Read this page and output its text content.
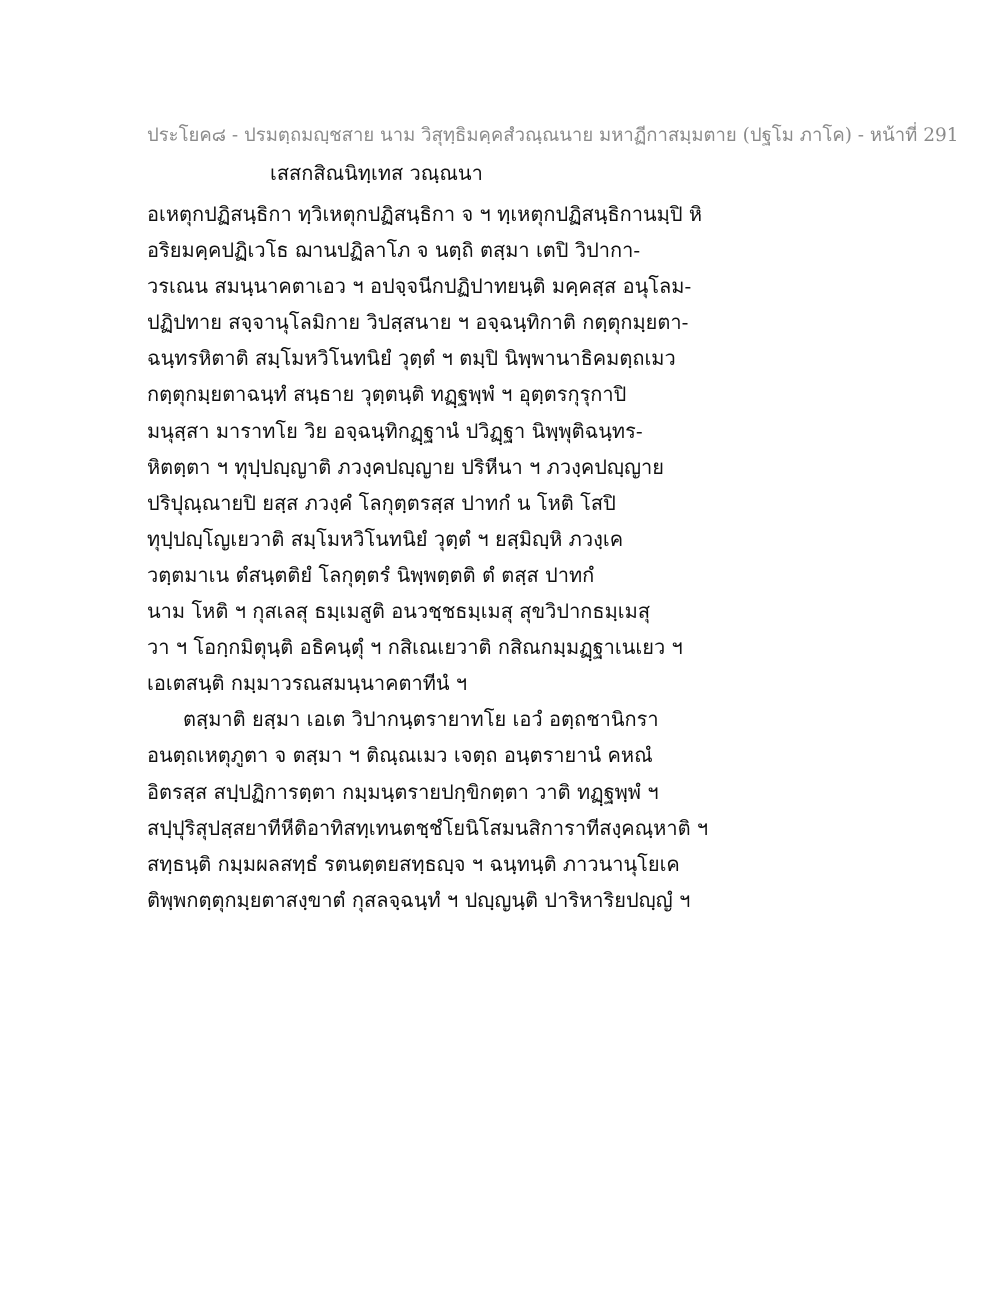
ประโยค๘ - ปรมตฺถมญฺชสาย นาม วิสุทฺธิมคฺคสํวณฺณนาย มหาฏีกาสมฺมตาย (ปฐโม ภาโค) - หน้าที่ 291
เสสกสิณนิทฺเทส วณฺณนา
อเหตุกปฏิสนฺธิกา ทฺวิเหตุกปฏิสนฺธิกา จ ฯ ทฺเหตุกปฏิสนฺธิกานมฺปิ หิ
อริยมคฺคปฏิเวโธ ฌานปฏิลาโภ จ นตฺถิ ตสฺมา เตปิ วิปากา-
วรเณน สมนฺนาคตาเอว ฯ อปจฺจนีกปฏิปาทยนฺติ มคฺคสฺส อนุโลม-
ปฏิปทาย สจฺจานุโลมิกาย วิปสฺสนาย ฯ อจฺฉนฺทิกาติ กตฺตุกมฺยตา-
ฉนฺทรหิตาติ สมฺโมหวิโนทนิยํ วุตฺตํ ฯ ตมฺปิ นิพฺพานาธิคมตฺถเมว
กตฺตุกมฺยตาฉนฺทํ สนฺธาย วุตฺตนฺติ ทฏฺฐพฺพํ ฯ อุตฺตรกุรุกาปิ
มนุสฺสา มาราทโย วิย อจฺฉนฺทิกฏฺฐานํ ปวิฏฺฐา นิพฺพุติฉนฺทร-
หิตตฺตา ฯ ทุปฺปญฺญาติ ภวงฺคปญฺญาย ปริหีนา ฯ ภวงฺคปญฺญาย
ปริปุณฺณายปิ ยสฺส ภวงฺคํ โลกุตฺตรสฺส ปาทกํ น โหติ โสปิ
ทุปฺปญฺโญเยวาติ สมฺโมหวิโนทนิยํ วุตฺตํ ฯ ยสฺมิญฺหิ ภวงฺเค
วตฺตมาเน ตํสนฺตติยํ โลกุตฺตรํ นิพฺพตฺตติ ตํ ตสฺส ปาทกํ
นาม โหติ ฯ กุสเลสุ ธมฺเมสูติ อนวชฺชธมฺเมสุ สุขวิปากธมฺเมสุ
วา ฯ โอกฺกมิตุนฺติ อธิคนฺตุํ ฯ กสิเณเยวาติ กสิณกมฺมฏฺฐาเนเยว ฯ
เอเตสนฺติ กมฺมาวรณสมนฺนาคตาทีนํ ฯ
ตสฺมาติ ยสฺมา เอเต วิปากนฺตรายาทโย เอวํ อตฺถชานิกรา
อนตฺถเหตุภูตา จ ตสฺมา ฯ ติณฺณเมว เจตฺถ อนฺตรายานํ คหณํ
อิตรสฺส สปฺปฏิการตฺตา กมฺมนฺตรายปกฺขิกตฺตา วาติ ทฏฺฐพฺพํ ฯ
สปฺปุริสุปสฺสยาทีหีติอาทิสทฺเทนตชฺชํโยนิโสมนสิการาทีสงฺคณฺหาติ ฯ
สทฺธนฺติ กมฺมผลสทฺธํ รตนตฺตยสทฺธญฺจ ฯ ฉนฺทนฺติ ภาวนานุโยเค
ติพฺพกตฺตุกมฺยตาสงฺขาตํ กุสลจฺฉนฺทํ ฯ ปญฺญนฺติ ปาริหาริยปญฺญํ ฯ
